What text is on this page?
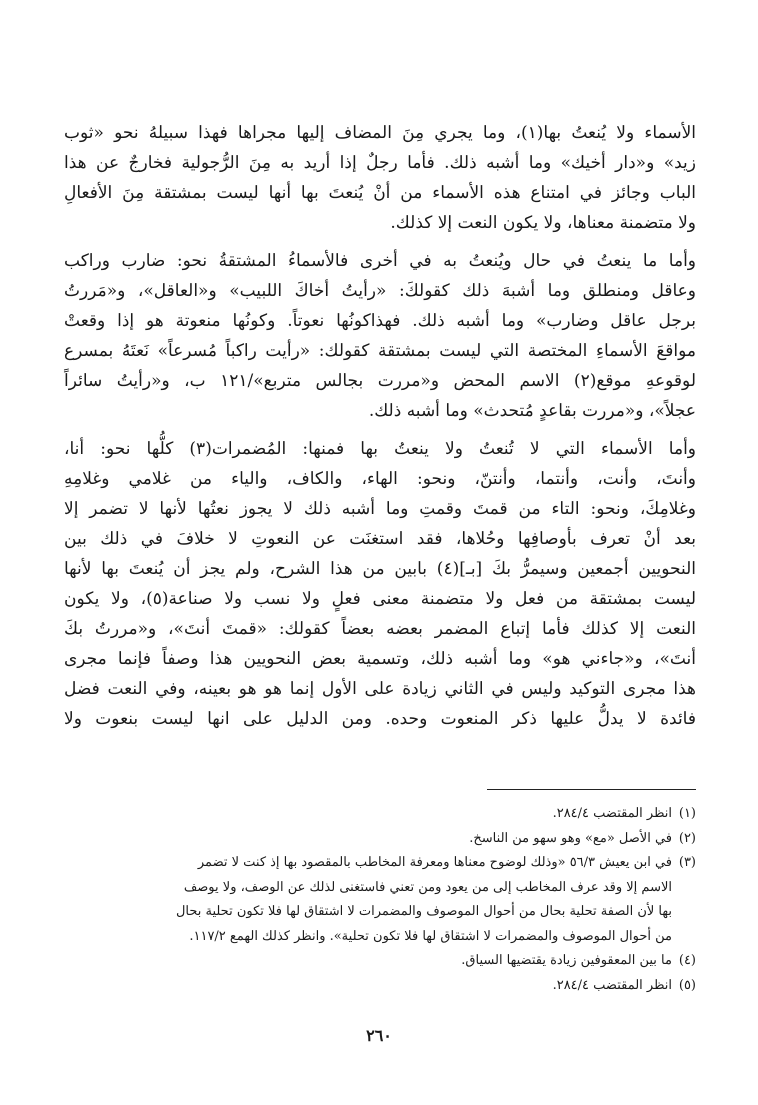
الأسماء ولا يُنعتُ بها(١)، وما يجري مِنَ المضاف إليها مجراها فهذا سبيلهُ نحو «ثوب
زيد» و«دار أخيك» وما أشبه ذلك. فأما رجلٌ إذا أريد به مِنَ الرُّجولية فخارجٌ عن هذا
الباب وجائز في امتناع هذه الأسماء من أنْ يُنعتَ بها أنها ليست بمشتقة مِنَ الأفعالِ
ولا متضمنة معناها، ولا يكون النعت إلا كذلك.

وأما ما ينعتُ في حال ويُنعتُ به في أخرى فالأسماءُ المشتقةُ نحو: ضارب وراكب
وعاقل ومنطلق وما أشبهَ ذلك كقولكَ: «رأيتُ أخاكَ اللبيب» و«العاقل»، و«مَررتُ
برجل عاقل وضارب» وما أشبه ذلك. فهذاكونُها نعوتاً. وكونُها منعوتة هو إذا وقعتْ
مواقعَ الأسماءِ المختصة التي ليست بمشتقة كقولك: «رأيت راكباً مُسرعاً» نَعتَهُ بمسرع
لوقوعهِ موقع(٢) الاسم المحض و«مررت بجالس متربع»/١٢١ ب، و«رأيتُ سائراً
عجلاً»، و«مررت بقاعدٍ مُتحدث» وما أشبه ذلك.

وأما الأسماء التي لا تُنعتُ ولا ينعتُ بها فمنها: المُضمرات(٣) كلُّها نحو: أنا،
وأنتَ، وأنت، وأنتما، وأنتنّ، ونحو: الهاء، والكاف، والياء من غلامي وغلامِهِ
وغلامِكَ، ونحو: التاء من قمتَ وقمتِ وما أشبه ذلك لا يجوز نعتُها لأنها لا تضمر إلا
بعد أنْ تعرف بأوصافِها وحُلاها، فقد استغنَت عن النعوتِ لا خلافَ في ذلك بين
النحويين أجمعين وسيمرُّ بكَ [بـ](٤) بابين من هذا الشرح، ولم يجز أن يُنعتَ بها لأنها
ليست بمشتقة من فعل ولا متضمنة معنى فعلٍ ولا نسب ولا صناعة(٥)، ولا يكون
النعت إلا كذلك فأما إتباع المضمر بعضه بعضاً كقولك: «قمتَ أنتَ»، و«مررتُ بكَ
أنتَ»، و«جاءني هو» وما أشبه ذلك، وتسمية بعض النحويين هذا وصفاً فإنما مجرى
هذا مجرى التوكيد وليس في الثاني زيادة على الأول إنما هو هو بعينه، وفي النعت فضل
فائدة لا يدلُّ عليها ذكر المنعوت وحده. ومن الدليل على انها ليست بنعوت ولا

(١)
انظر المقتضب ٢٨٤/٤.
(٢)
في الأصل «مع» وهو سهو من الناسخ.
(٣)
في ابن يعيش ٥٦/٣ «وذلك لوضوح معناها ومعرفة المخاطب بالمقصود بها إذ كنت لا تضمر
الاسم إلا وقد عرف المخاطب إلى من يعود ومن تعني فاستغنى لذلك عن الوصف، ولا يوصف
بها لأن الصفة تحلية بحال من أحوال الموصوف والمضمرات لا اشتقاق لها فلا تكون تحلية بحال
من أحوال الموصوف والمضمرات لا اشتقاق لها فلا تكون تحلية». وانظر كذلك الهمع ١١٧/٢.
(٤)
ما بين المعقوفين زيادة يقتضيها السياق.
(٥)
انظر المقتضب ٢٨٤/٤.
٢٦٠
